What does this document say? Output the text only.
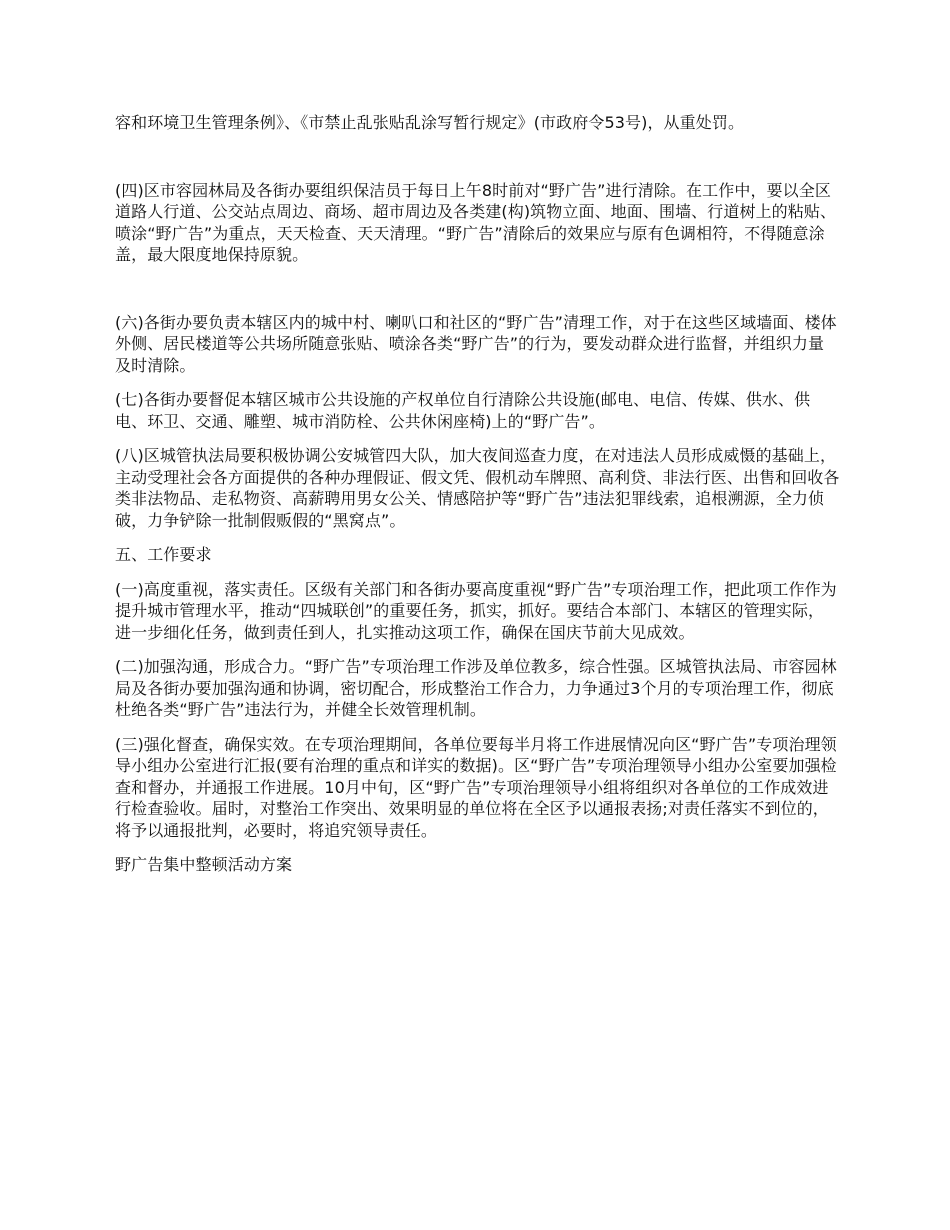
容和环境卫生管理条例》、《市禁止乱张贴乱涂写暂行规定》(市政府令53号)，从重处罚。

(四)区市容园林局及各街办要组织保洁员于每日上午8时前对“野广告”进行清除。在工作中，要以全区道路人行道、公交站点周边、商场、超市周边及各类建(构)筑物立面、地面、围墙、行道树上的粘贴、喷涂“野广告”为重点，天天检查、天天清理。“野广告”清除后的效果应与原有色调相符，不得随意涂盖，最大限度地保持原貌。

(六)各街办要负责本辖区内的城中村、喇叭口和社区的“野广告”清理工作，对于在这些区域墙面、楼体外侧、居民楼道等公共场所随意张贴、喷涂各类“野广告”的行为，要发动群众进行监督，并组织力量及时清除。

(七)各街办要督促本辖区城市公共设施的产权单位自行清除公共设施(邮电、电信、传媒、供水、供电、环卫、交通、雕塑、城市消防栓、公共休闲座椅)上的“野广告”。

(八)区城管执法局要积极协调公安城管四大队，加大夜间巡查力度，在对违法人员形成威慑的基础上，主动受理社会各方面提供的各种办理假证、假文凭、假机动车牌照、高利贷、非法行医、出售和回收各类非法物品、走私物资、高薪聘用男女公关、情感陪护等“野广告”违法犯罪线索，追根溯源，全力侦破，力争铲除一批制假贩假的“黑窝点”。

五、工作要求

(一)高度重视，落实责任。区级有关部门和各街办要高度重视“野广告”专项治理工作，把此项工作作为提升城市管理水平，推动“四城联创”的重要任务，抓实，抓好。要结合本部门、本辖区的管理实际，进一步细化任务，做到责任到人，扎实推动这项工作，确保在国庆节前大见成效。

(二)加强沟通，形成合力。“野广告”专项治理工作涉及单位教多，综合性强。区城管执法局、市容园林局及各街办要加强沟通和协调，密切配合，形成整治工作合力，力争通过3个月的专项治理工作，彻底杜绝各类“野广告”违法行为，并健全长效管理机制。

(三)强化督查，确保实效。在专项治理期间，各单位要每半月将工作进展情况向区“野广告”专项治理领导小组办公室进行汇报(要有治理的重点和详实的数据)。区“野广告”专项治理领导小组办公室要加强检查和督办，并通报工作进展。10月中旬，区“野广告”专项治理领导小组将组织对各单位的工作成效进行检查验收。届时，对整治工作突出、效果明显的单位将在全区予以通报表扬;对责任落实不到位的，将予以通报批判，必要时，将追究领导责任。

野广告集中整顿活动方案
